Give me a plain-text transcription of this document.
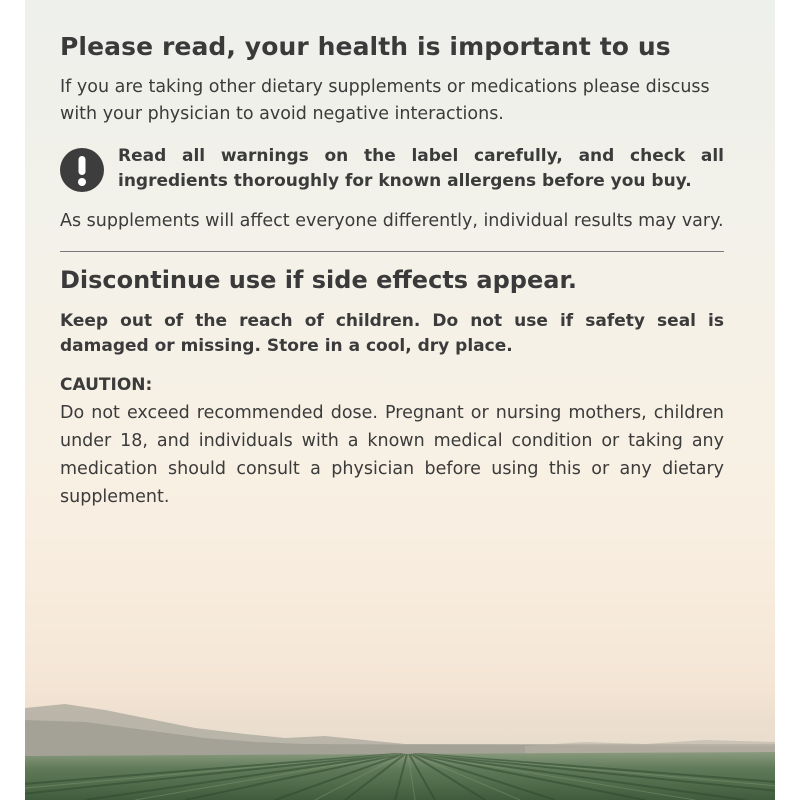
Please read, your health is important to us

If you are taking other dietary supplements or medications please discuss with your physician to avoid negative interactions.

Read all warnings on the label carefully, and check all
ingredients thoroughly for known allergens before you buy.

As supplements will affect everyone differently, individual results may vary.

Discontinue use if side effects appear.

Keep out of the reach of children. Do not use if safety seal is damaged or missing. Store in a cool, dry place.

CAUTION:

Do not exceed recommended dose. Pregnant or nursing mothers, children under 18, and individuals with a known medical condition or taking any medication should consult a physician before using this or any dietary supplement.
